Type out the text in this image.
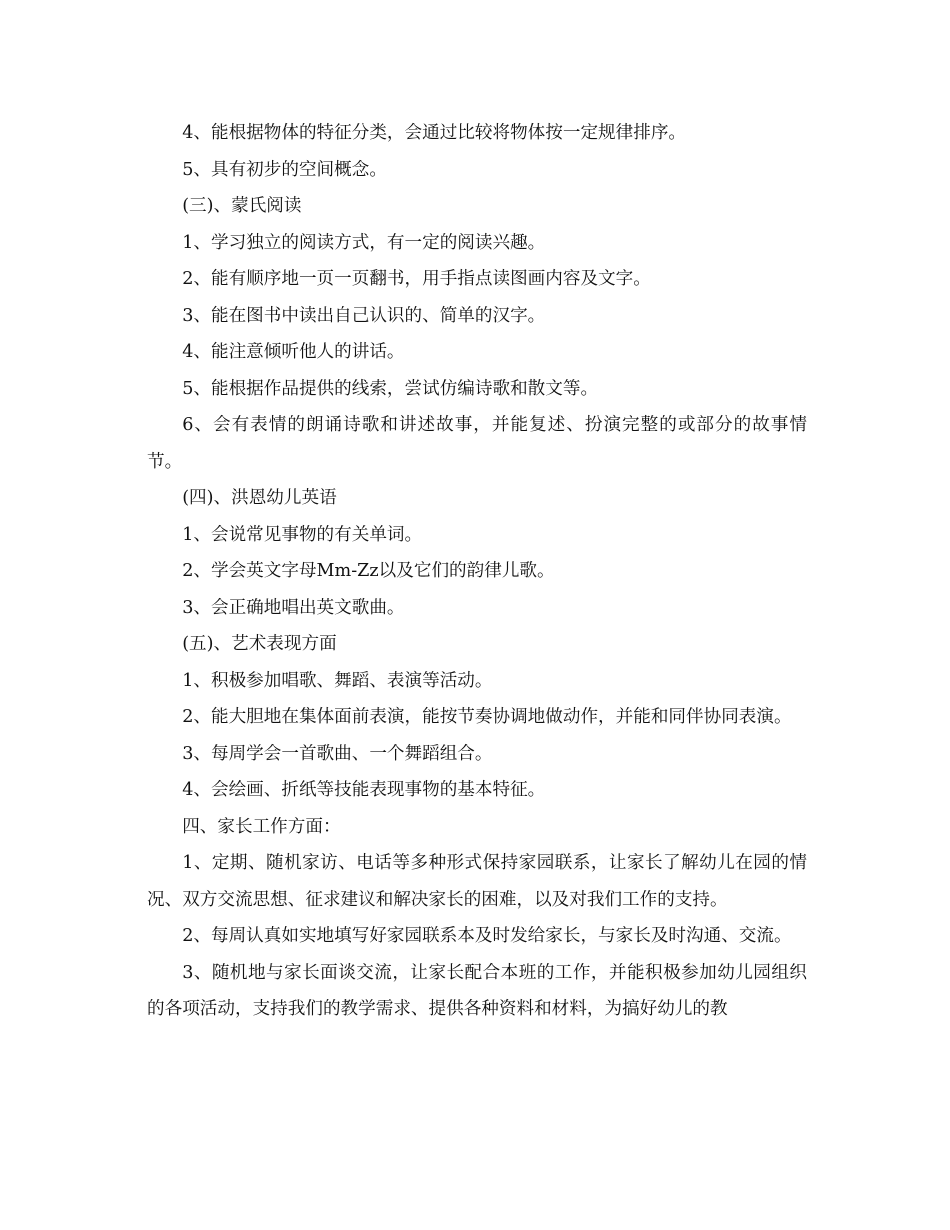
4、能根据物体的特征分类，会通过比较将物体按一定规律排序。

5、具有初步的空间概念。

(三)、蒙氏阅读

1、学习独立的阅读方式，有一定的阅读兴趣。

2、能有顺序地一页一页翻书，用手指点读图画内容及文字。

3、能在图书中读出自己认识的、简单的汉字。

4、能注意倾听他人的讲话。

5、能根据作品提供的线索，尝试仿编诗歌和散文等。

6、会有表情的朗诵诗歌和讲述故事，并能复述、扮演完整的或部分的故事情节。

(四)、洪恩幼儿英语

1、会说常见事物的有关单词。

2、学会英文字母Mm-Zz以及它们的韵律儿歌。

3、会正确地唱出英文歌曲。

(五)、艺术表现方面

1、积极参加唱歌、舞蹈、表演等活动。

2、能大胆地在集体面前表演，能按节奏协调地做动作，并能和同伴协同表演。

3、每周学会一首歌曲、一个舞蹈组合。

4、会绘画、折纸等技能表现事物的基本特征。

四、家长工作方面：

1、定期、随机家访、电话等多种形式保持家园联系，让家长了解幼儿在园的情况、双方交流思想、征求建议和解决家长的困难，以及对我们工作的支持。

2、每周认真如实地填写好家园联系本及时发给家长，与家长及时沟通、交流。

3、随机地与家长面谈交流，让家长配合本班的工作，并能积极参加幼儿园组织的各项活动，支持我们的教学需求、提供各种资料和材料，为搞好幼儿的教
